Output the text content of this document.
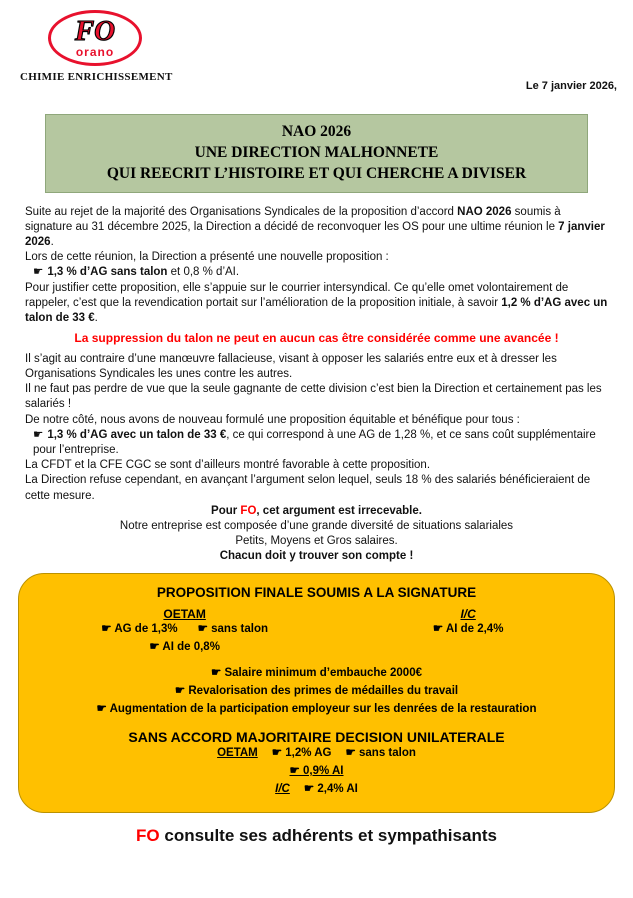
FO
orano
CHIMIE ENRICHISSEMENT
Le 7 janvier 2026,
NAO 2026
UNE DIRECTION MALHONNETE
QUI REECRIT L’HISTOIRE ET QUI CHERCHE A DIVISER

Suite au rejet de la majorité des Organisations Syndicales de la proposition d’accord NAO 2026 soumis à signature au 31 décembre 2025, la Direction a décidé de reconvoquer les OS pour une ultime réunion le 7 janvier 2026.

Lors de cette réunion, la Direction a présenté une nouvelle proposition :

☛ 1,3 % d’AG sans talon et 0,8 % d’AI.

Pour justifier cette proposition, elle s’appuie sur le courrier intersyndical. Ce qu’elle omet volontairement de rappeler, c’est que la revendication portait sur l’amélioration de la proposition initiale, à savoir 1,2 % d’AG avec un talon de 33 €.

La suppression du talon ne peut en aucun cas être considérée comme une avancée !

Il s’agit au contraire d’une manœuvre fallacieuse, visant à opposer les salariés entre eux et à dresser les Organisations Syndicales les unes contre les autres.

Il ne faut pas perdre de vue que la seule gagnante de cette division c’est bien la Direction et certainement pas les salariés !

De notre côté, nous avons de nouveau formulé une proposition équitable et bénéfique pour tous :

☛ 1,3 % d’AG avec un talon de 33 €, ce qui correspond à une AG de 1,28 %, et ce sans coût supplémentaire pour l’entreprise.

La CFDT et la CFE CGC se sont d’ailleurs montré favorable à cette proposition.

La Direction refuse cependant, en avançant l’argument selon lequel, seuls 18 % des salariés bénéficieraient de cette mesure.

Pour FO, cet argument est irrecevable.

Notre entreprise est composée d’une grande diversité de situations salariales

Petits, Moyens et Gros salaires.

Chacun doit y trouver son compte !

PROPOSITION FINALE SOUMIS A LA SIGNATURE
OETAM
☛ AG de 1,3% ☛ sans talon
☛ AI de 0,8%
I/C
☛ AI de 2,4%
☛ Salaire minimum d’embauche 2000€
☛ Revalorisation des primes de médailles du travail
☛ Augmentation de la participation employeur sur les denrées de la restauration
SANS ACCORD MAJORITAIRE DECISION UNILATERALE
OETAM ☛ 1,2% AG ☛ sans talon
☛ 0,9% AI
I/C ☛ 2,4% AI
FO consulte ses adhérents et sympathisants
